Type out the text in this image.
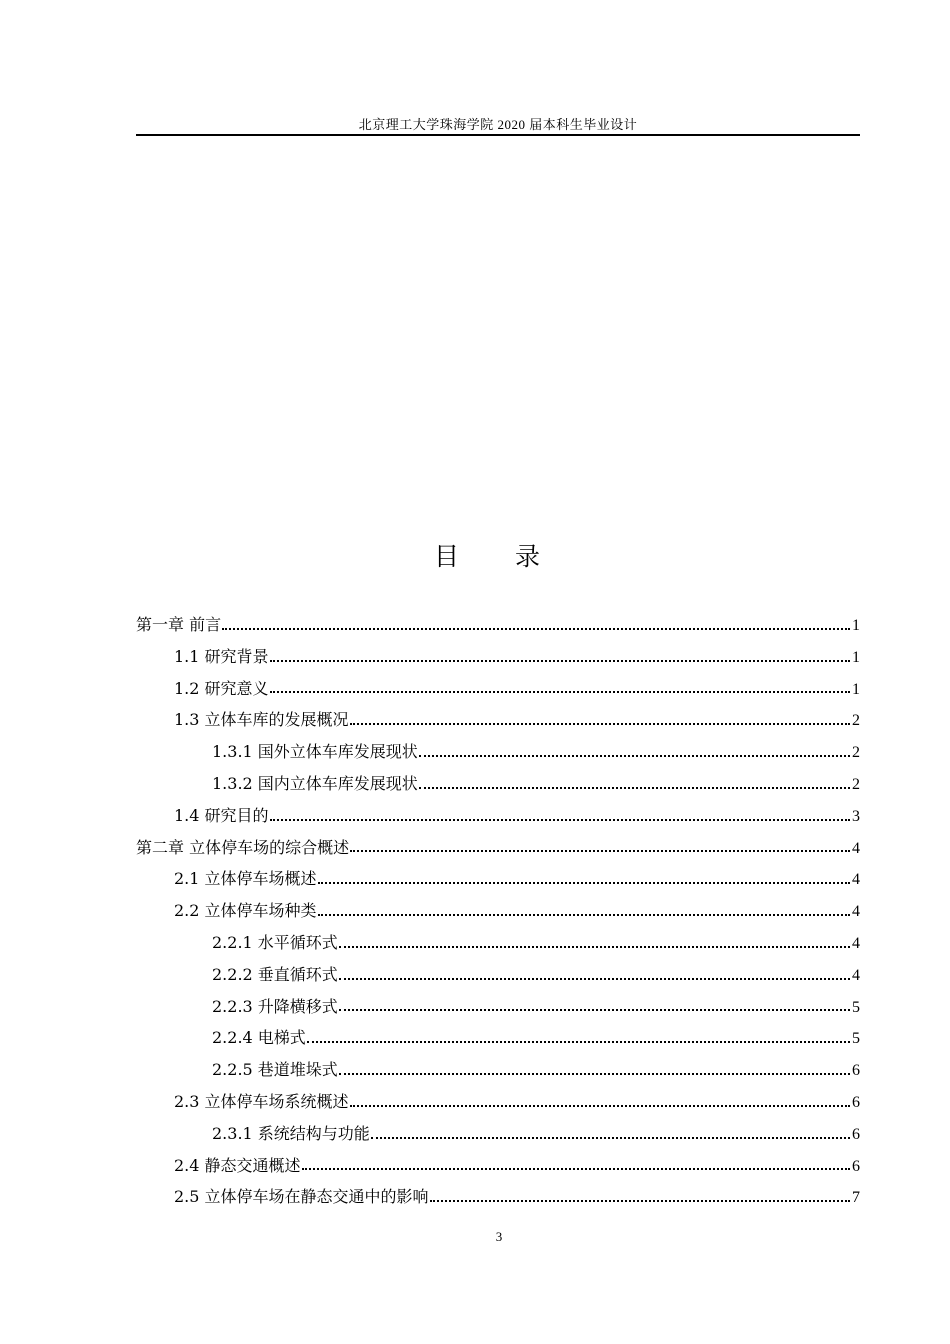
北京理工大学珠海学院 2020 届本科生毕业设计
目 录
第一章 前言	1
1.1 研究背景	1
1.2 研究意义	1
1.3 立体车库的发展概况	2
1.3.1 国外立体车库发展现状	2
1.3.2 国内立体车库发展现状	2
1.4 研究目的	3
第二章 立体停车场的综合概述	4
2.1 立体停车场概述	4
2.2 立体停车场种类	4
2.2.1 水平循环式	4
2.2.2 垂直循环式	4
2.2.3 升降横移式	5
2.2.4 电梯式	5
2.2.5 巷道堆垛式	6
2.3 立体停车场系统概述	6
2.3.1 系统结构与功能	6
2.4 静态交通概述	6
2.5 立体停车场在静态交通中的影响	7
3
